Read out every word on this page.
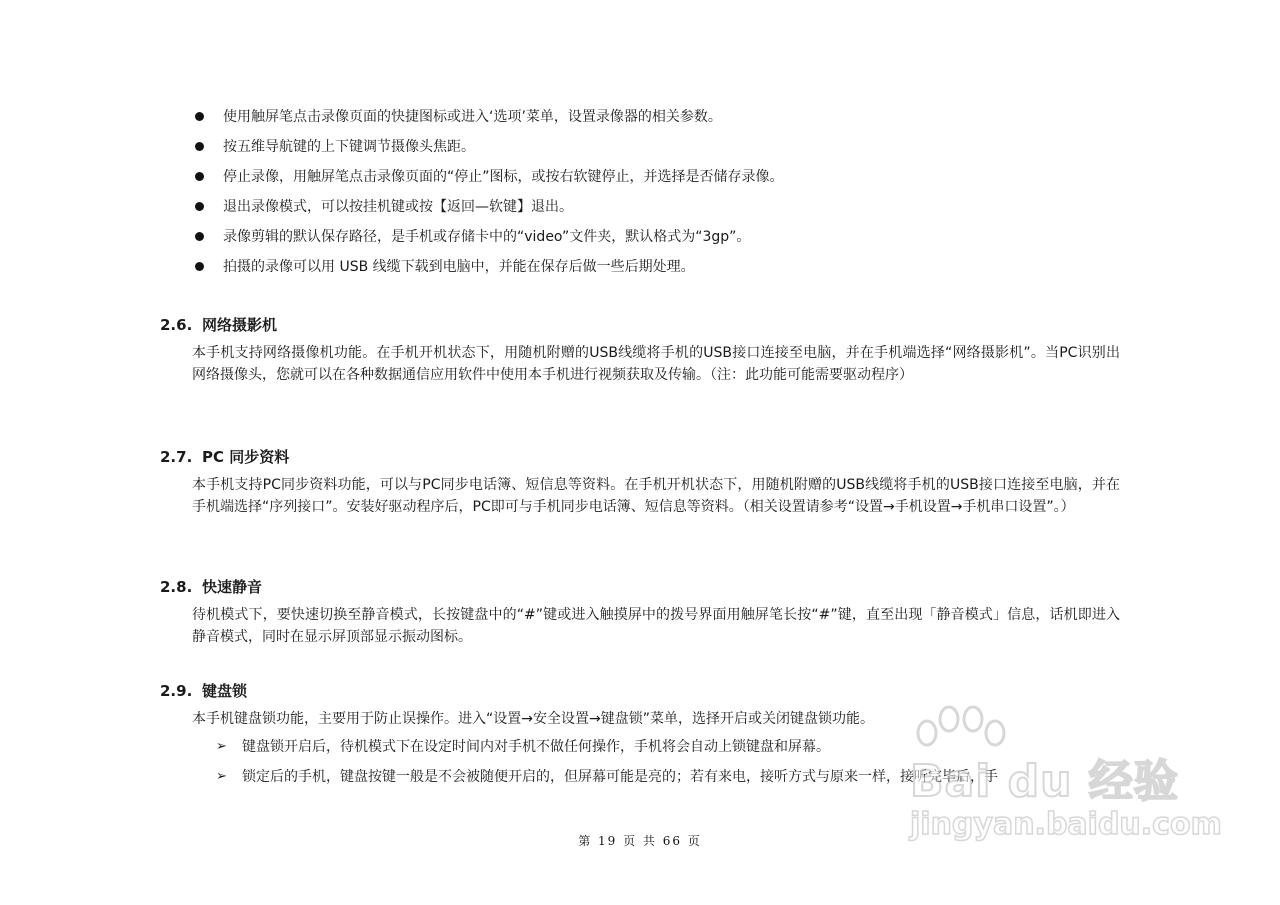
使用触屏笔点击录像页面的快捷图标或进入‘选项’菜单，设置录像器的相关参数。
按五维导航键的上下键调节摄像头焦距。
停止录像，用触屏笔点击录像页面的“停止”图标，或按右软键停止，并选择是否储存录像。
退出录像模式，可以按挂机键或按【返回—软键】退出。
录像剪辑的默认保存路径，是手机或存储卡中的“video”文件夹，默认格式为“3gp”。
拍摄的录像可以用 USB 线缆下载到电脑中，并能在保存后做一些后期处理。
2.6. 网络摄影机

本手机支持网络摄像机功能。在手机开机状态下，用随机附赠的USB线缆将手机的USB接口连接至电脑，并在手机端选择“网络摄影机”。当PC识别出网络摄像头，您就可以在各种数据通信应用软件中使用本手机进行视频获取及传输。（注：此功能可能需要驱动程序）

2.7. PC 同步资料

本手机支持PC同步资料功能，可以与PC同步电话簿、短信息等资料。在手机开机状态下，用随机附赠的USB线缆将手机的USB接口连接至电脑，并在手机端选择“序列接口”。安装好驱动程序后，PC即可与手机同步电话簿、短信息等资料。（相关设置请参考“设置→手机设置→手机串口设置”。）

2.8. 快速静音

待机模式下，要快速切换至静音模式，长按键盘中的“#”键或进入触摸屏中的拨号界面用触屏笔长按“#”键，直至出现「静音模式」信息，话机即进入静音模式，同时在显示屏顶部显示振动图标。

2.9. 键盘锁

本手机键盘锁功能，主要用于防止误操作。进入“设置→安全设置→键盘锁”菜单，选择开启或关闭键盘锁功能。

➢ 键盘锁开启后，待机模式下在设定时间内对手机不做任何操作，手机将会自动上锁键盘和屏幕。
➢ 锁定后的手机，键盘按键一般是不会被随便开启的，但屏幕可能是亮的；若有来电，接听方式与原来一样，接听完毕后，手
第 19 页 共 66 页
Bai du 经验
jingyan.baidu.com
